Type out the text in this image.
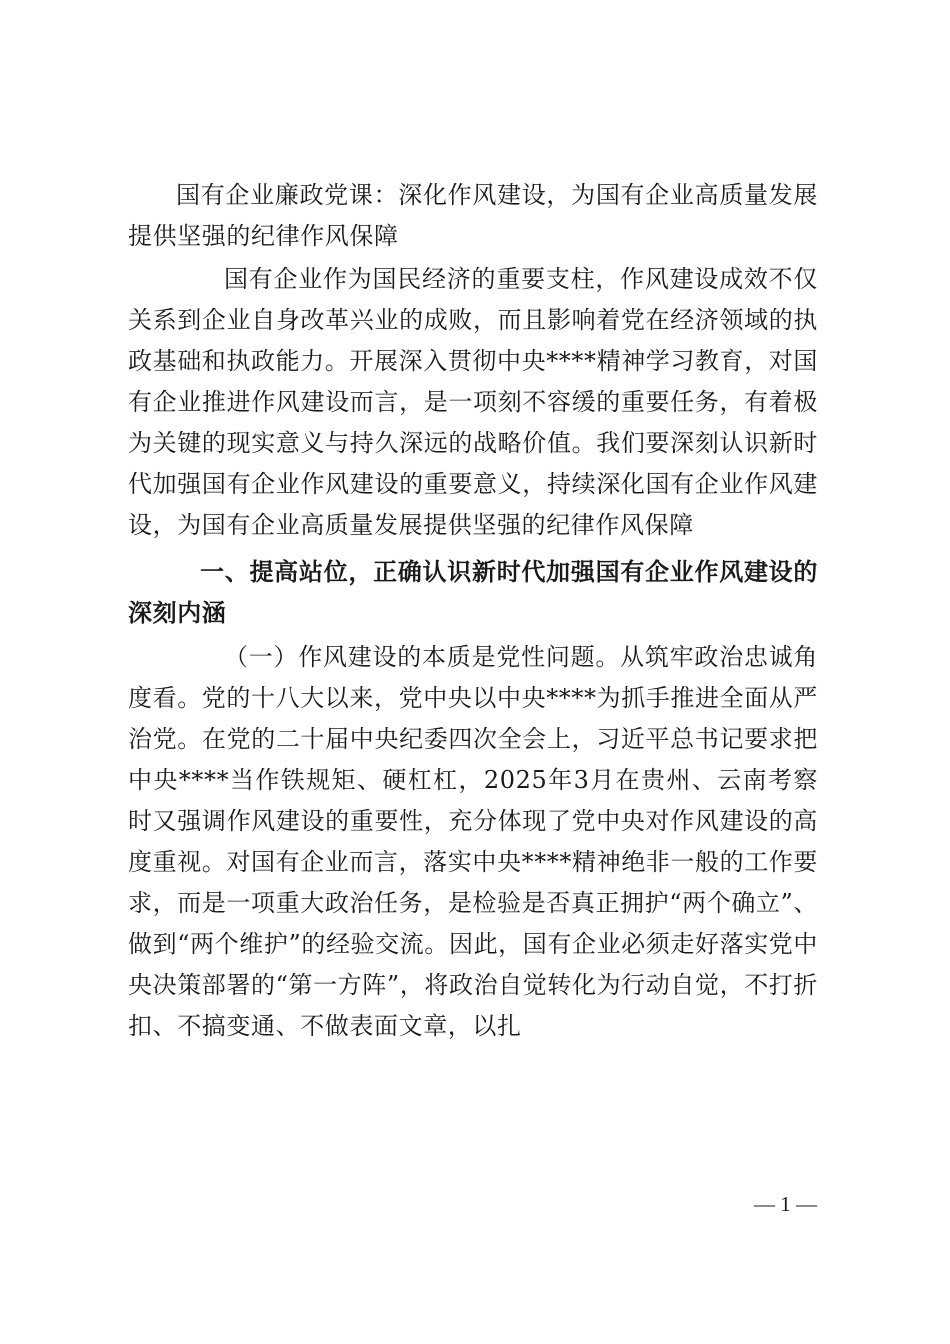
国有企业廉政党课：深化作风建设，为国有企业高质量发展提供坚强的纪律作风保障

国有企业作为国民经济的重要支柱，作风建设成效不仅关系到企业自身改革兴业的成败，而且影响着党在经济领域的执政基础和执政能力。开展深入贯彻中央****精神学习教育，对国有企业推进作风建设而言，是一项刻不容缓的重要任务，有着极为关键的现实意义与持久深远的战略价值。我们要深刻认识新时代加强国有企业作风建设的重要意义，持续深化国有企业作风建设，为国有企业高质量发展提供坚强的纪律作风保障

一、提高站位，正确认识新时代加强国有企业作风建设的深刻内涵

（一）作风建设的本质是党性问题。从筑牢政治忠诚角度看。党的十八大以来，党中央以中央****为抓手推进全面从严治党。在党的二十届中央纪委四次全会上，习近平总书记要求把中央****当作铁规矩、硬杠杠，2025年3月在贵州、云南考察时又强调作风建设的重要性，充分体现了党中央对作风建设的高度重视。对国有企业而言，落实中央****精神绝非一般的工作要求，而是一项重大政治任务，是检验是否真正拥护“两个确立”、做到“两个维护”的经验交流。因此，国有企业必须走好落实党中央决策部署的“第一方阵”，将政治自觉转化为行动自觉，不打折扣、不搞变通、不做表面文章，以扎

— 1 —
